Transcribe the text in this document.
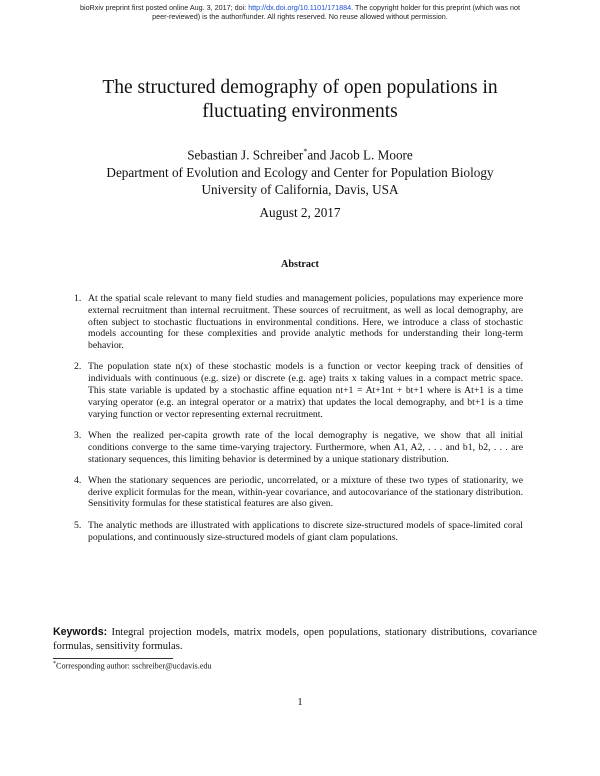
bioRxiv preprint first posted online Aug. 3, 2017; doi: http://dx.doi.org/10.1101/171884. The copyright holder for this preprint (which was not
peer-reviewed) is the author/funder. All rights reserved. No reuse allowed without permission.
The structured demography of open populations in
fluctuating environments
Sebastian J. Schreiber*and Jacob L. Moore
Department of Evolution and Ecology and Center for Population Biology
University of California, Davis, USA
August 2, 2017
Abstract
1. At the spatial scale relevant to many field studies and management policies, populations may experience more external recruitment than internal recruitment. These sources of recruitment, as well as local demography, are often subject to stochastic fluctuations in environmental conditions. Here, we introduce a class of stochastic models accounting for these complexities and provide analytic methods for understanding their long-term behavior.
2. The population state n(x) of these stochastic models is a function or vector keeping track of densities of individuals with continuous (e.g. size) or discrete (e.g. age) traits x taking values in a compact metric space. This state variable is updated by a stochastic affine equation nt+1 = At+1nt + bt+1 where is At+1 is a time varying operator (e.g. an integral operator or a matrix) that updates the local demography, and bt+1 is a time varying function or vector representing external recruitment.
3. When the realized per-capita growth rate of the local demography is negative, we show that all initial conditions converge to the same time-varying trajectory. Furthermore, when A1, A2, . . . and b1, b2, . . . are stationary sequences, this limiting behavior is determined by a unique stationary distribution.
4. When the stationary sequences are periodic, uncorrelated, or a mixture of these two types of stationarity, we derive explicit formulas for the mean, within-year covariance, and autocovariance of the stationary distribution. Sensitivity formulas for these statistical features are also given.
5. The analytic methods are illustrated with applications to discrete size-structured models of space-limited coral populations, and continuously size-structured models of giant clam populations.
Keywords: Integral projection models, matrix models, open populations, stationary distributions, covariance formulas, sensitivity formulas.
*Corresponding author: sschreiber@ucdavis.edu
1
